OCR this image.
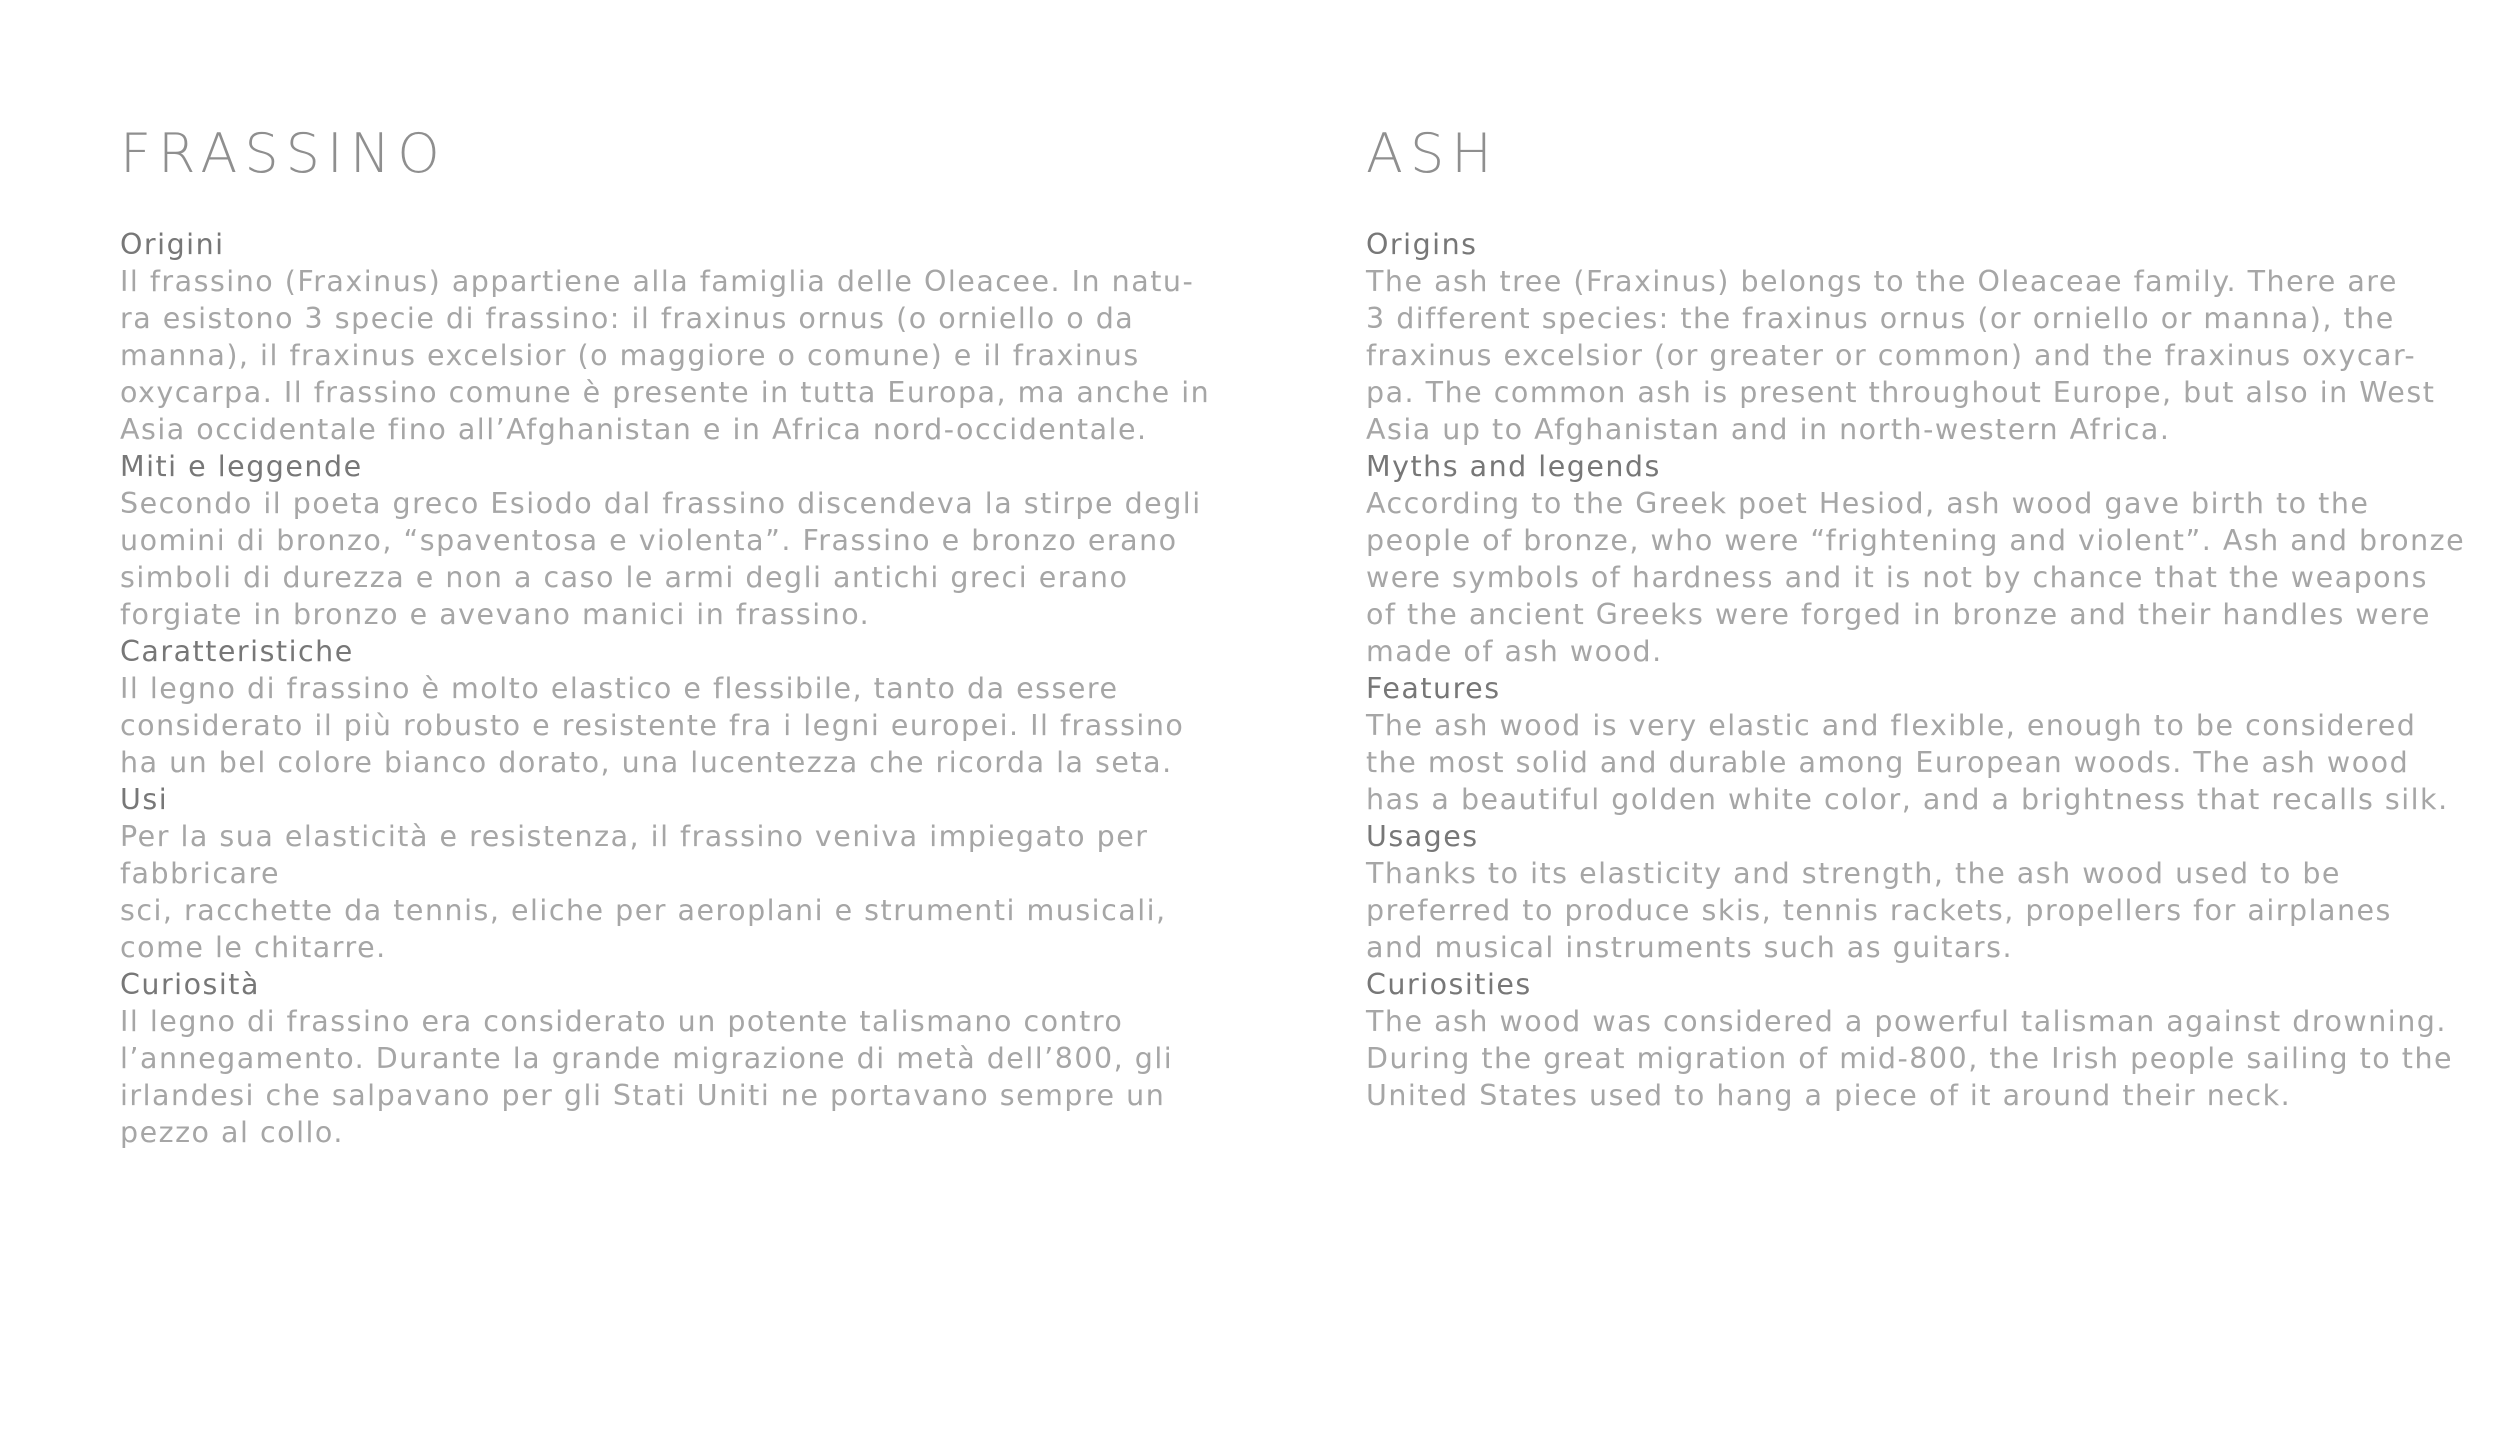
FRASSINO
Origini
Il frassino (Fraxinus) appartiene alla famiglia delle Oleacee. In natu-
ra esistono 3 specie di frassino: il fraxinus ornus (o orniello o da
manna), il fraxinus excelsior (o maggiore o comune) e il fraxinus
oxycarpa. Il frassino comune è presente in tutta Europa, ma anche in
Asia occidentale fino all’Afghanistan e in Africa nord-occidentale.
Miti e leggende
Secondo il poeta greco Esiodo dal frassino discendeva la stirpe degli
uomini di bronzo, “spaventosa e violenta”. Frassino e bronzo erano
simboli di durezza e non a caso le armi degli antichi greci erano
forgiate in bronzo e avevano manici in frassino.
Caratteristiche
Il legno di frassino è molto elastico e flessibile, tanto da essere
considerato il più robusto e resistente fra i legni europei. Il frassino
ha un bel colore bianco dorato, una lucentezza che ricorda la seta.
Usi
Per la sua elasticità e resistenza, il frassino veniva impiegato per
fabbricare
sci, racchette da tennis, eliche per aeroplani e strumenti musicali,
come le chitarre.
Curiosità
Il legno di frassino era considerato un potente talismano contro
l’annegamento. Durante la grande migrazione di metà dell’800, gli
irlandesi che salpavano per gli Stati Uniti ne portavano sempre un
pezzo al collo.
ASH
Origins
The ash tree (Fraxinus) belongs to the Oleaceae family. There are
3 different species: the fraxinus ornus (or orniello or manna), the
fraxinus excelsior (or greater or common) and the fraxinus oxycar-
pa. The common ash is present throughout Europe, but also in West
Asia up to Afghanistan and in north-western Africa.
Myths and legends
According to the Greek poet Hesiod, ash wood gave birth to the
people of bronze, who were “frightening and violent”. Ash and bronze
were symbols of hardness and it is not by chance that the weapons
of the ancient Greeks were forged in bronze and their handles were
made of ash wood.
Features
The ash wood is very elastic and flexible, enough to be considered
the most solid and durable among European woods. The ash wood
has a beautiful golden white color, and a brightness that recalls silk.
Usages
Thanks to its elasticity and strength, the ash wood used to be
preferred to produce skis, tennis rackets, propellers for airplanes
and musical instruments such as guitars.
Curiosities
The ash wood was considered a powerful talisman against drowning.
During the great migration of mid-800, the Irish people sailing to the
United States used to hang a piece of it around their neck.
